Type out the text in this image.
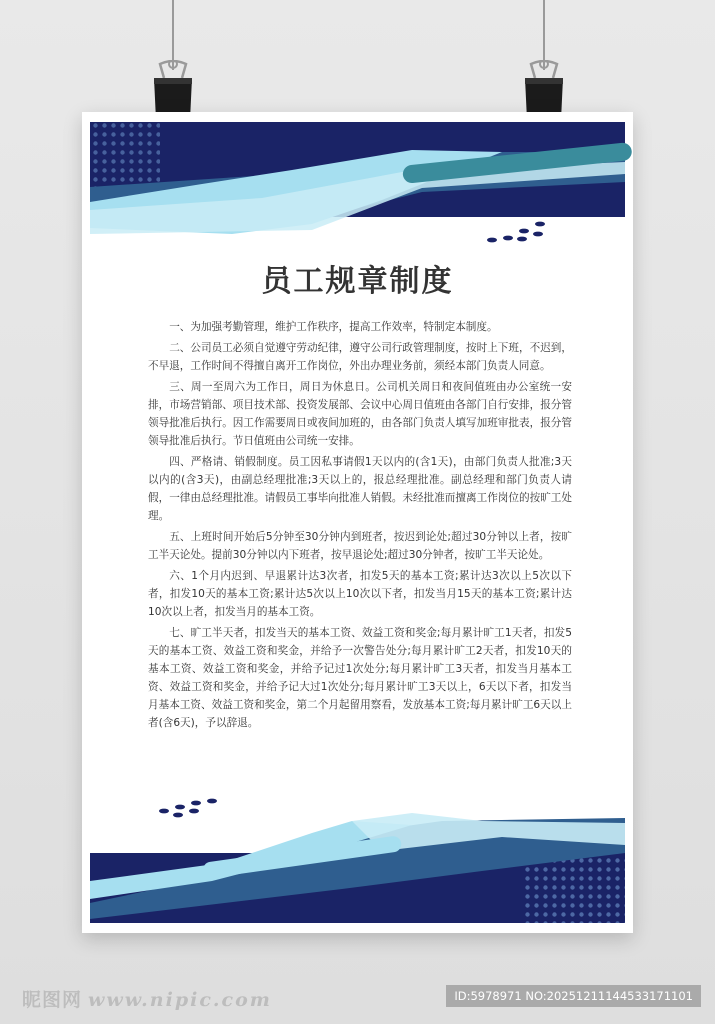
员工规章制度

一、为加强考勤管理，维护工作秩序，提高工作效率，特制定本制度。

二、公司员工必须自觉遵守劳动纪律，遵守公司行政管理制度，按时上下班，不迟到，不早退，工作时间不得擅自离开工作岗位，外出办理业务前，须经本部门负责人同意。

三、周一至周六为工作日，周日为休息日。公司机关周日和夜间值班由办公室统一安排，市场营销部、项目技术部、投资发展部、会议中心周日值班由各部门自行安排，报分管领导批准后执行。因工作需要周日或夜间加班的，由各部门负责人填写加班审批表，报分管领导批准后执行。节日值班由公司统一安排。

四、严格请、销假制度。员工因私事请假1天以内的(含1天)，由部门负责人批准;3天以内的(含3天)，由副总经理批准;3天以上的，报总经理批准。副总经理和部门负责人请假，一律由总经理批准。请假员工事毕向批准人销假。未经批准而擅离工作岗位的按旷工处理。

五、上班时间开始后5分钟至30分钟内到班者，按迟到论处;超过30分钟以上者，按旷工半天论处。提前30分钟以内下班者，按早退论处;超过30分钟者，按旷工半天论处。

六、1个月内迟到、早退累计达3次者，扣发5天的基本工资;累计达3次以上5次以下者，扣发10天的基本工资;累计达5次以上10次以下者，扣发当月15天的基本工资;累计达10次以上者，扣发当月的基本工资。

七、旷工半天者，扣发当天的基本工资、效益工资和奖金;每月累计旷工1天者，扣发5天的基本工资、效益工资和奖金，并给予一次警告处分;每月累计旷工2天者，扣发10天的基本工资、效益工资和奖金，并给予记过1次处分;每月累计旷工3天者，扣发当月基本工资、效益工资和奖金，并给予记大过1次处分;每月累计旷工3天以上，6天以下者，扣发当月基本工资、效益工资和奖金，第二个月起留用察看，发放基本工资;每月累计旷工6天以上者(含6天)，予以辞退。

昵图网 www.nipic.com	ID:5978971 NO:20251211144533171101
